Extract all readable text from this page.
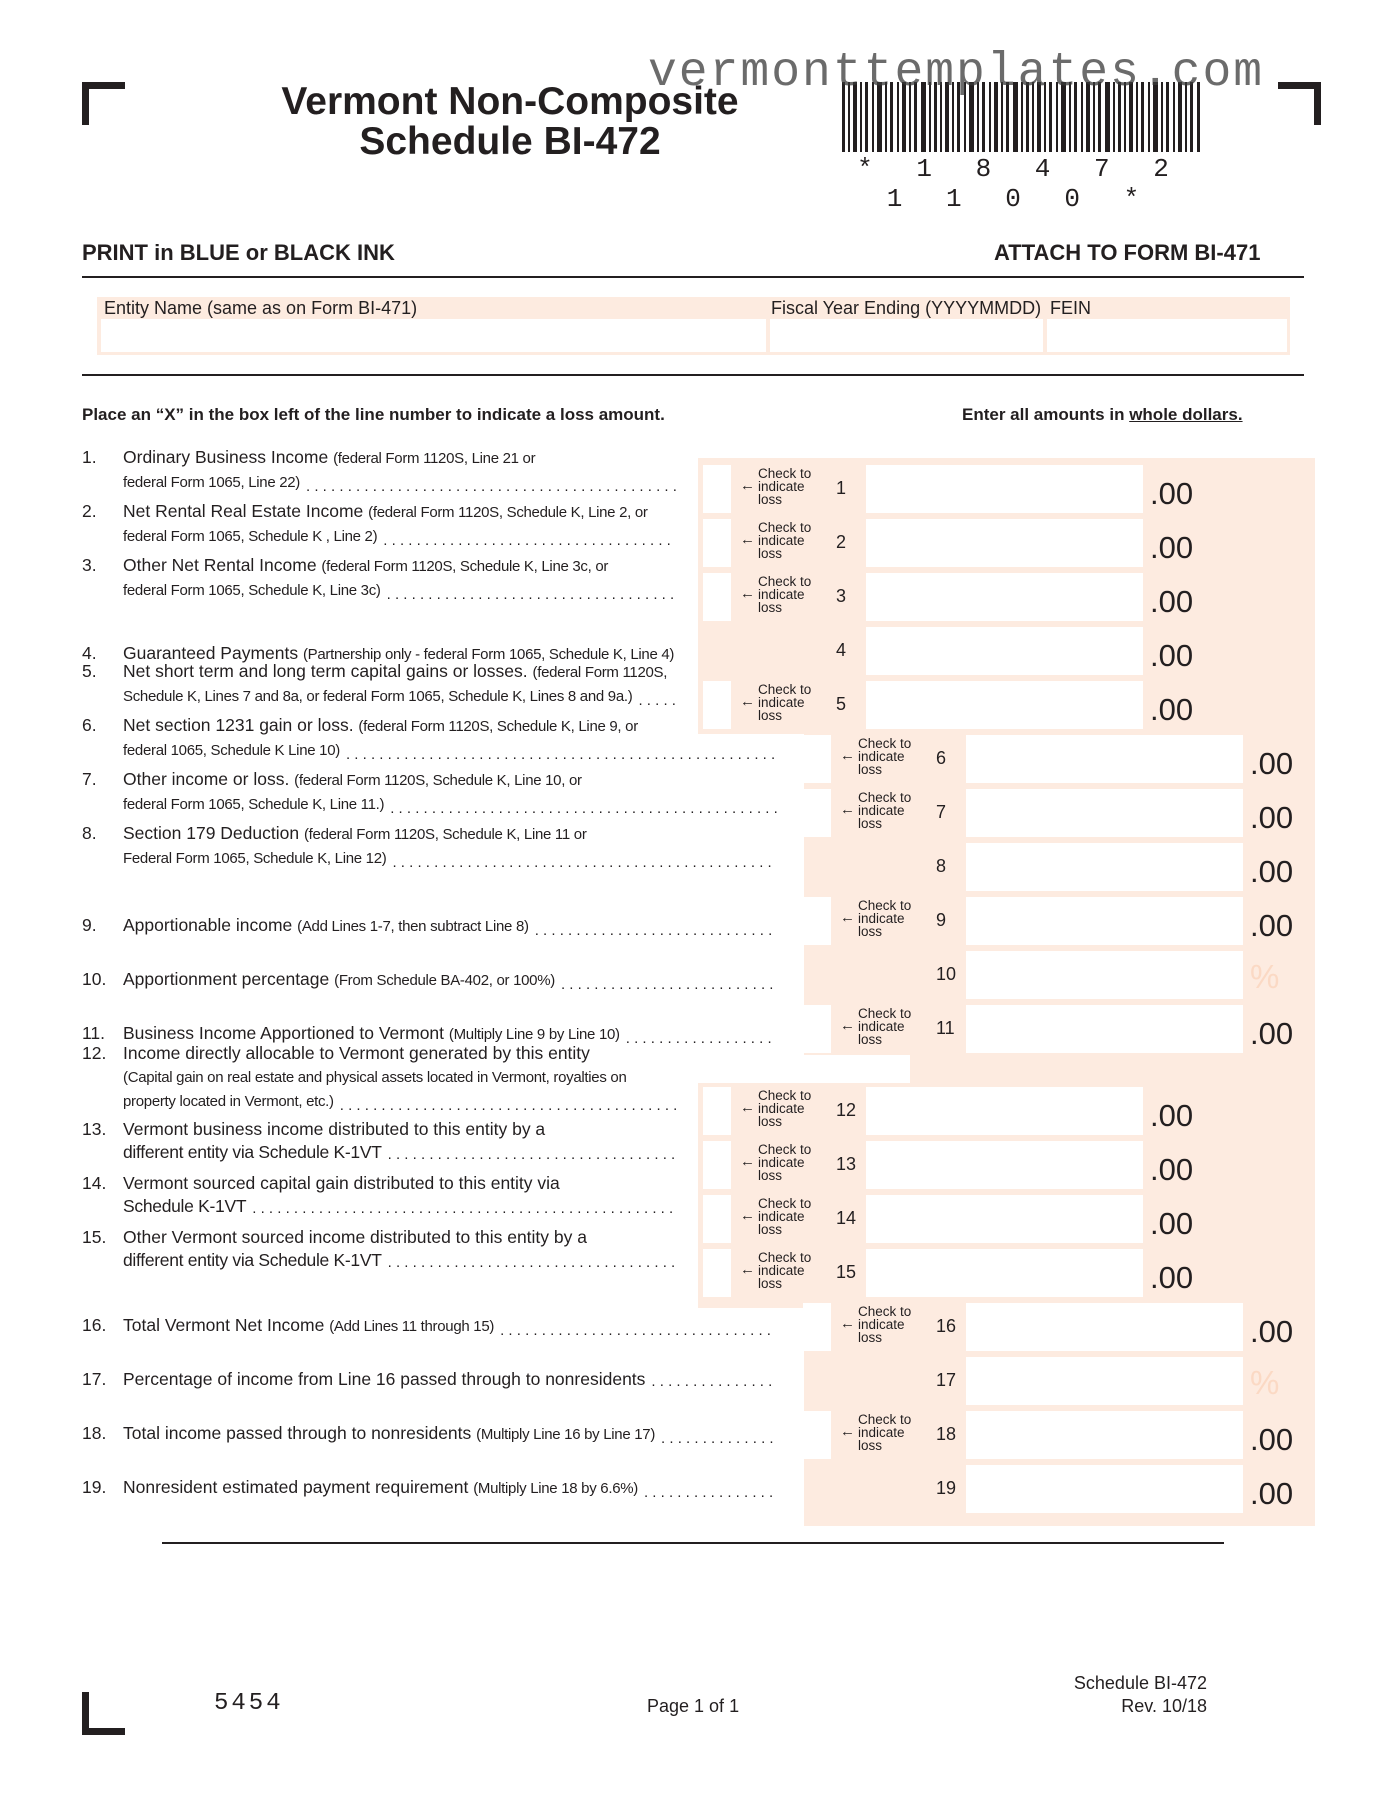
Vermont Non-Composite
Schedule BI-472
* 1 8 4 7 2 1 1 0 0 *
vermonttemplates.com
PRINT in BLUE or BLACK INK	ATTACH TO FORM BI-471
Entity Name (same as on Form BI-471)	Fiscal Year Ending (YYYYMMDD) FEIN
Place an “X” in the box left of the line number to indicate a loss amount.	Enter all amounts in whole dollars.
1.	Ordinary Business Income (federal Form 1120S, Line 21 or
federal Form 1065, Line 22) . . . . . . . . . . . . . . . . . . . . . . . . . . . . . . . . . . . . . . . . . . . . .	←
Check to
indicate
loss
1	.00
2.	Net Rental Real Estate Income (federal Form 1120S, Schedule K, Line 2, or
federal Form 1065, Schedule K , Line 2) . . . . . . . . . . . . . . . . . . . . . . . . . . . . . . . . . . .	←
Check to
indicate
loss
2	.00
3.	Other Net Rental Income (federal Form 1120S, Schedule K, Line 3c, or
federal Form 1065, Schedule K, Line 3c) . . . . . . . . . . . . . . . . . . . . . . . . . . . . . . . . . . .	←
Check to
indicate
loss
3	.00
4.	Guaranteed Payments (Partnership only - federal Form 1065, Schedule K, Line 4)	4	.00
5.	Net short term and long term capital gains or losses. (federal Form 1120S,
Schedule K, Lines 7 and 8a, or federal Form 1065, Schedule K, Lines 8 and 9a.) . . . . .	←
Check to
indicate
loss
5	.00
6.	Net section 1231 gain or loss. (federal Form 1120S, Schedule K, Line 9, or
federal 1065, Schedule K Line 10) . . . . . . . . . . . . . . . . . . . . . . . . . . . . . . . . . . . . . . . . . . . . . . . . . . . .	←
Check to
indicate
loss
6	.00
7.	Other income or loss. (federal Form 1120S, Schedule K, Line 10, or
federal Form 1065, Schedule K, Line 11.) . . . . . . . . . . . . . . . . . . . . . . . . . . . . . . . . . . . . . . . . . . . . . . .	←
Check to
indicate
loss
7	.00
8.	Section 179 Deduction (federal Form 1120S, Schedule K, Line 11 or
Federal Form 1065, Schedule K, Line 12) . . . . . . . . . . . . . . . . . . . . . . . . . . . . . . . . . . . . . . . . . . . . . .	8	.00
9.	Apportionable income (Add Lines 1-7, then subtract Line 8) . . . . . . . . . . . . . . . . . . . . . . . . . . . . .
←
Check to
indicate
loss
9	.00
10. Apportionment percentage (From Schedule BA-402, or 100%) . . . . . . . . . . . . . . . . . . . . . . . . . .
10	%
11.	Business Income Apportioned to Vermont (Multiply Line 9 by Line 10) . . . . . . . . . . . . . . . . . .
←
Check to
indicate
loss
11	.00
12. Income directly allocable to Vermont generated by this entity
(Capital gain on real estate and physical assets located in Vermont, royalties on
property located in Vermont, etc.) . . . . . . . . . . . . . . . . . . . . . . . . . . . . . . . . . . . . . . . . .	←
Check to
indicate
loss
12	.00
13. Vermont business income distributed to this entity by a
different entity via Schedule K-1VT . . . . . . . . . . . . . . . . . . . . . . . . . . . . . . . . . . .	←
Check to
indicate
loss
13	.00
14. Vermont sourced capital gain distributed to this entity via
Schedule K-1VT . . . . . . . . . . . . . . . . . . . . . . . . . . . . . . . . . . . . . . . . . . . . . . . . . . .	←
Check to
indicate
loss
14	.00
15. Other Vermont sourced income distributed to this entity by a
different entity via Schedule K-1VT . . . . . . . . . . . . . . . . . . . . . . . . . . . . . . . . . . .	←
Check to
indicate
loss
15	.00
16. Total Vermont Net Income (Add Lines 11 through 15) . . . . . . . . . . . . . . . . . . . . . . . . . . . . . . . . .	←
Check to
indicate
loss
16	.00
17. Percentage of income from Line 16 passed through to nonresidents . . . . . . . . . . . . . . .	17	%
18. Total income passed through to nonresidents (Multiply Line 16 by Line 17) . . . . . . . . . . . . . .	←
Check to
indicate
loss
18	.00
19. Nonresident estimated payment requirement (Multiply Line 18 by 6.6%) . . . . . . . . . . . . . . . .	19	.00
5454	Page 1 of 1
Schedule BI-472
Rev. 10/18
